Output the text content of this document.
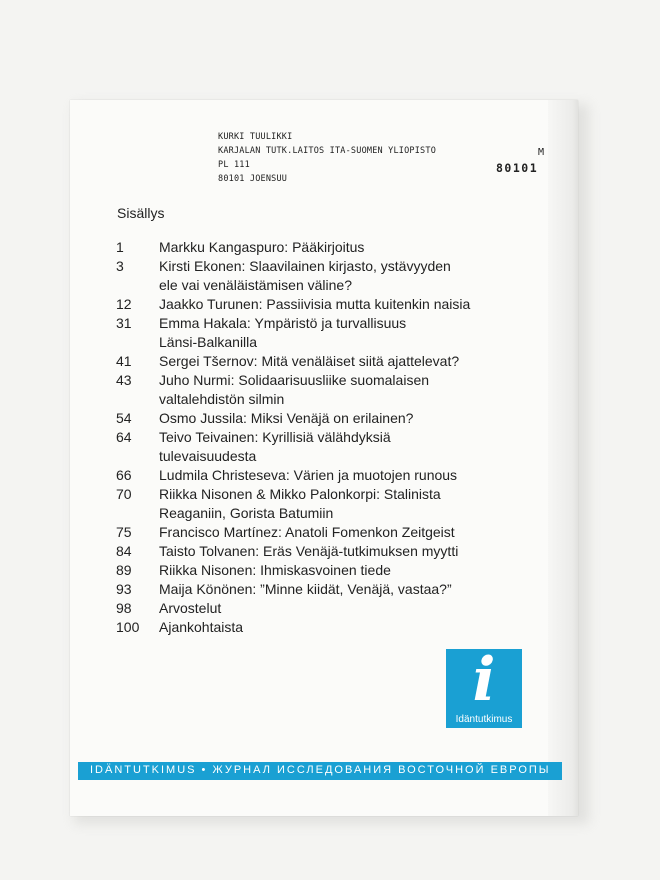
KURKI TUULIKKI
KARJALAN TUTK.LAITOS ITA-SUOMEN YLIOPISTO
PL 111
80101 JOENSUU
M
80101
Sisällys
1	Markku Kangaspuro: Pääkirjoitus
3	Kirsti Ekonen: Slaavilainen kirjasto, ystävyyden
ele vai venäläistämisen väline?
12	Jaakko Turunen: Passiivisia mutta kuitenkin naisia
31	Emma Hakala: Ympäristö ja turvallisuus
Länsi-Balkanilla
41	Sergei Tšernov: Mitä venäläiset siitä ajattelevat?
43	Juho Nurmi: Solidaarisuusliike suomalaisen
valtalehdistön silmin
54	Osmo Jussila: Miksi Venäjä on erilainen?
64	Teivo Teivainen: Kyrillisiä välähdyksiä
tulevaisuudesta
66	Ludmila Christeseva: Värien ja muotojen runous
70	Riikka Nisonen & Mikko Palonkorpi: Stalinista
Reaganiin, Gorista Batumiin
75	Francisco Martínez: Anatoli Fomenkon Zeitgeist
84	Taisto Tolvanen: Eräs Venäjä-tutkimuksen myytti
89	Riikka Nisonen: Ihmiskasvoinen tiede
93	Maija Könönen: ”Minne kiidät, Venäjä, vastaa?”
98	Arvostelut
100	Ajankohtaista
i
Idäntutkimus
IDÄNTUTKIMUS • ЖУРНАЛ ИССЛЕДОВАНИЯ ВОСТОЧНОЙ ЕВРОПЫ
